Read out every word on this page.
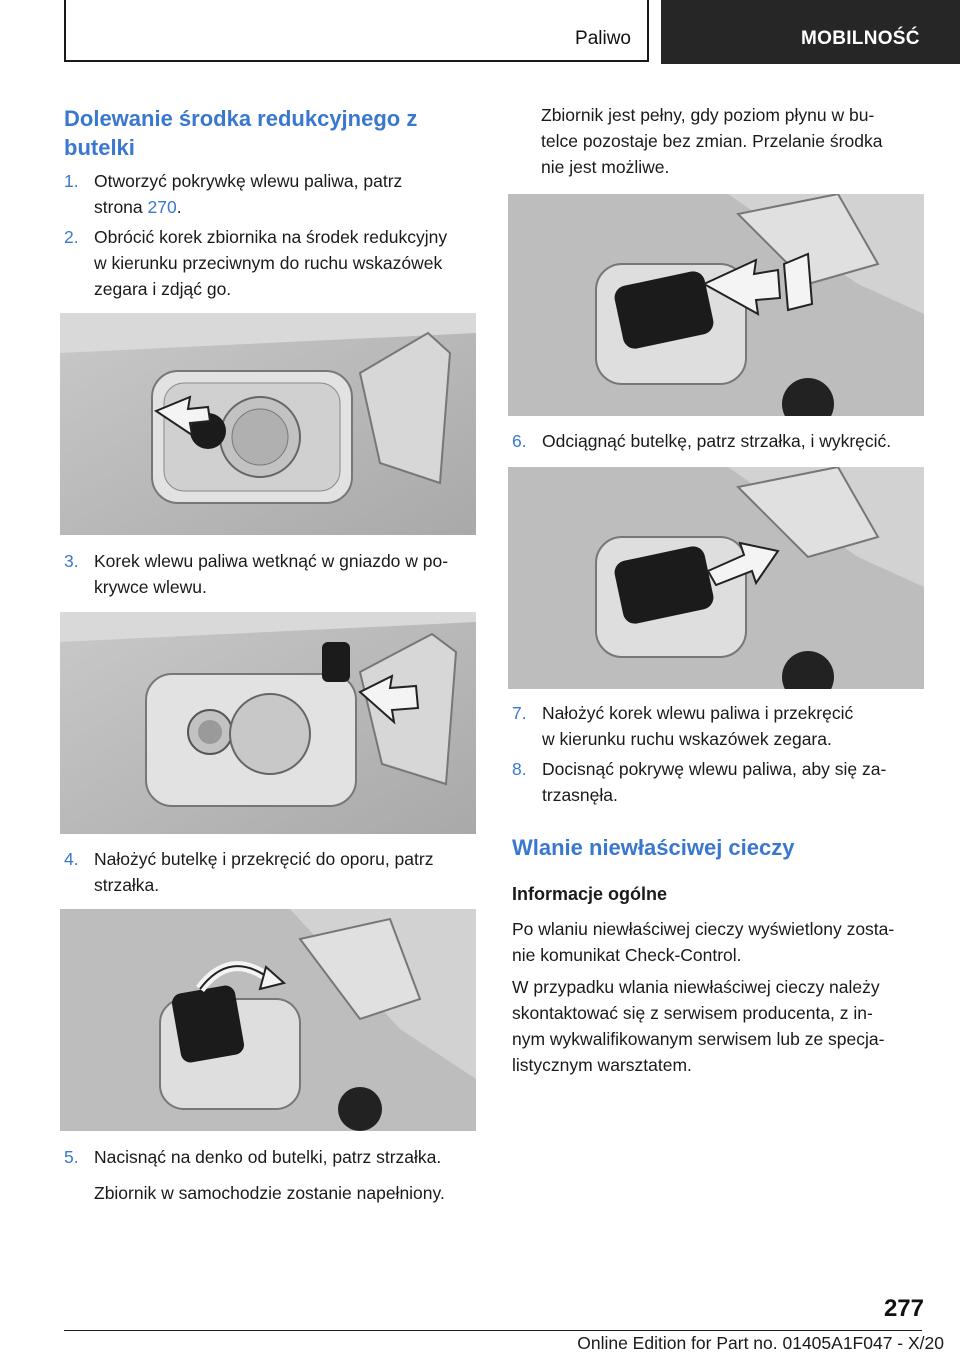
Paliwo	MOBILNOŚĆ
Dolewanie środka redukcyjnego z butelki
1. Otworzyć pokrywkę wlewu paliwa, patrz
strona 270.
2. Obrócić korek zbiornika na środek redukcyjny
w kierunku przeciwnym do ruchu wskazówek
zegara i zdjąć go.
3. Korek wlewu paliwa wetknąć w gniazdo w po‐
krywce wlewu.
4. Nałożyć butelkę i przekręcić do oporu, patrz
strzałka.
5. Nacisnąć na denko od butelki, patrz strzałka.
Zbiornik w samochodzie zostanie napełniony.
Zbiornik jest pełny, gdy poziom płynu w bu‐
telce pozostaje bez zmian. Przelanie środka
nie jest możliwe.
6. Odciągnąć butelkę, patrz strzałka, i wykręcić.
7. Nałożyć korek wlewu paliwa i przekręcić
w kierunku ruchu wskazówek zegara.
8. Docisnąć pokrywę wlewu paliwa, aby się za‐
trzasnęła.
Wlanie niewłaściwej cieczy
Informacje ogólne
Po wlaniu niewłaściwej cieczy wyświetlony zosta‐
nie komunikat Check-Control.
W przypadku wlania niewłaściwej cieczy należy
skontaktować się z serwisem producenta, z in‐
nym wykwalifikowanym serwisem lub ze specja‐
listycznym warsztatem.
277
Online Edition for Part no. 01405A1F047 - X/20
